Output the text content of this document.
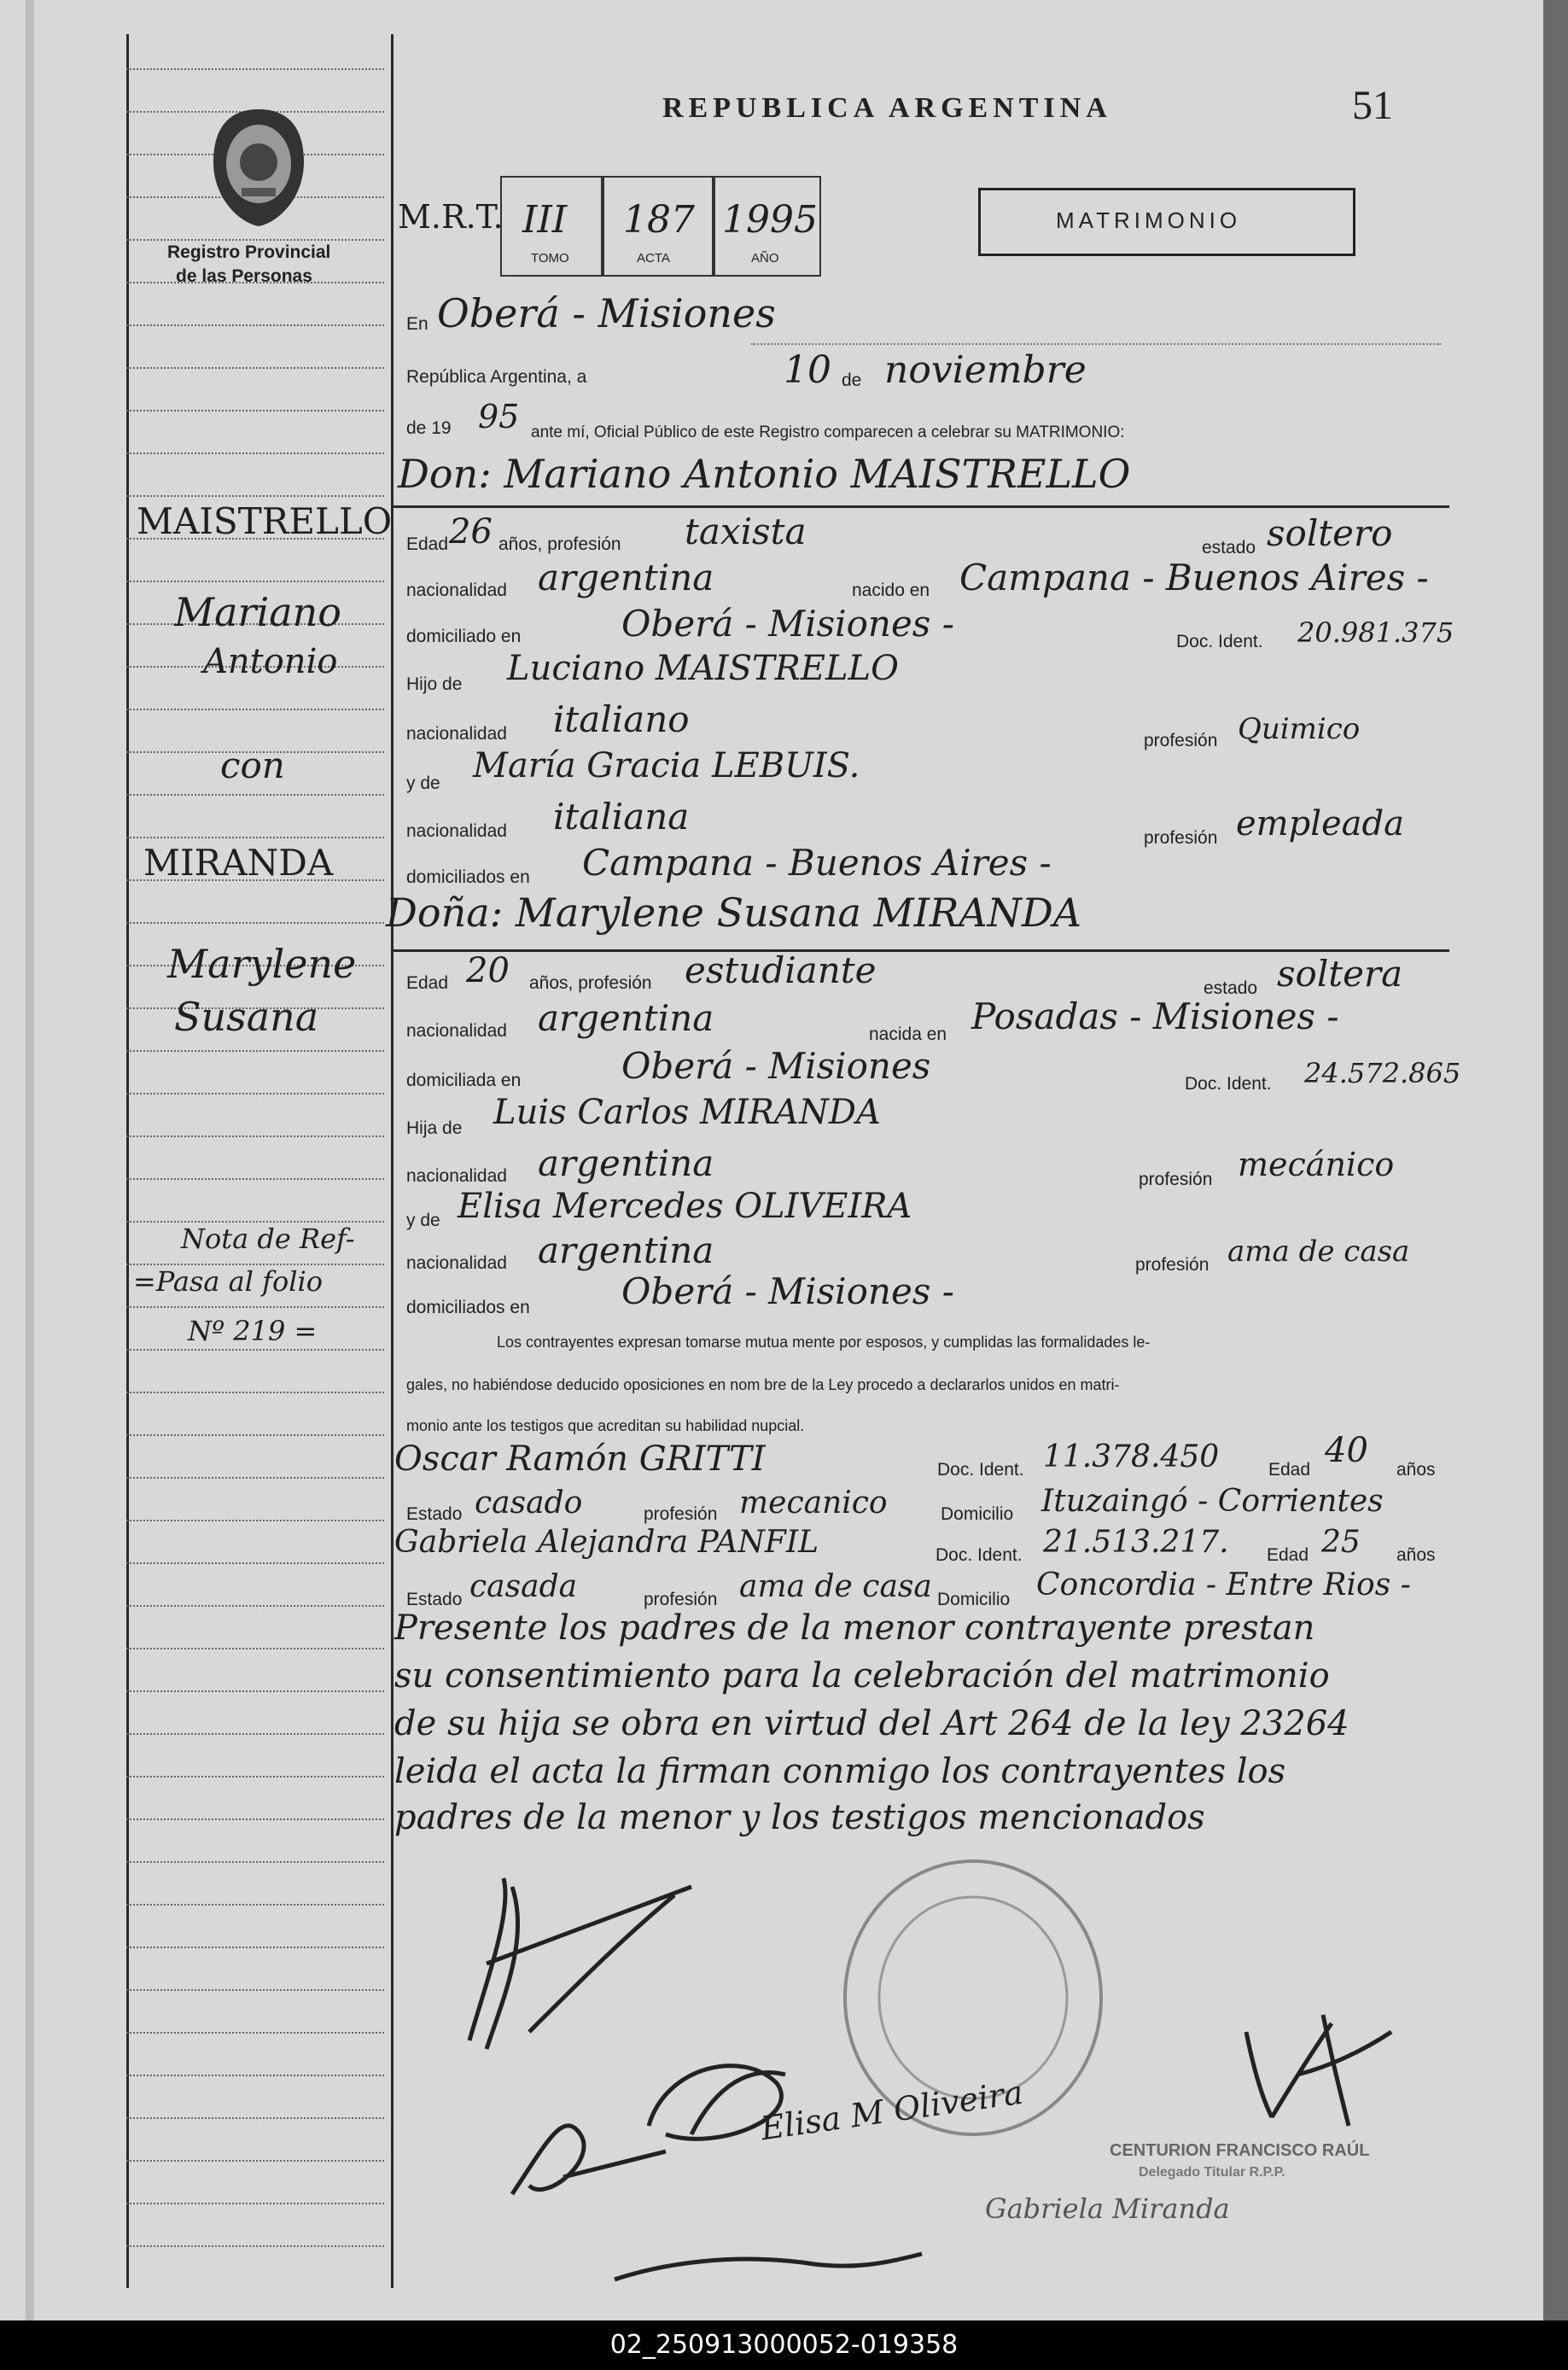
Registro Provincial
de las Personas
REPUBLICA ARGENTINA	51
M.R.T. III
TOMO
187
ACTA
1995
AÑO
MATRIMONIO
En Oberá - Misiones
República Argentina, a	10 de noviembre
de 19 95 ante mí, Oficial Público de este Registro comparecen a celebrar su MATRIMONIO:
Don: Mariano Antonio MAISTRELLO
Edad 26 años, profesión taxista	estado soltero
nacionalidad argentina	nacido en Campana - Buenos Aires -
domiciliado en	Oberá - Misiones -	Doc. Ident. 20.981.375
Hijo de Luciano MAISTRELLO
nacionalidad italiano
profesión Quimico
y de María Gracia LEBUIS.
nacionalidad italiana
profesión empleada
domiciliados en Campana - Buenos Aires -
Doña: Marylene Susana MIRANDA
Edad 20 años, profesión estudiante	estado soltera
nacionalidad argentina	nacida en Posadas - Misiones -
domiciliada en	Oberá - Misiones	Doc. Ident. 24.572.865
Hija de Luis Carlos MIRANDA
nacionalidad argentina	profesión mecánico
y de Elisa Mercedes OLIVEIRA
nacionalidad argentina	profesión ama de casa
domiciliados en	Oberá - Misiones -
Los contrayentes expresan tomarse mutua mente por esposos, y cumplidas las formalidades le-
gales, no habiéndose deducido oposiciones en nom bre de la Ley procedo a declararlos unidos en matri-
monio ante los testigos que acreditan su habilidad nupcial.
Oscar Ramón GRITTI	Doc. Ident. 11.378.450	Edad 40 años
Estado casado	profesión mecanico	Domicilio Ituzaingó - Corrientes
Gabriela Alejandra PANFIL	Doc. Ident. 21.513.217. Edad 25 años
Estado casada	profesión ama de casa Domicilio Concordia - Entre Rios -
Presente los padres de la menor contrayente prestan
su consentimiento para la celebración del matrimonio
de su hija se obra en virtud del Art 264 de la ley 23264
leida el acta la firman conmigo los contrayentes los
padres de la menor y los testigos mencionados
Elisa M Oliveira
CENTURION FRANCISCO RAÚL
Delegado Titular R.P.P.
Gabriela Miranda
MAISTRELLO
Mariano
Antonio
con
MIRANDA
Marylene
Susana
Nota de Ref-
=Pasa al folio
Nº 219 =
02_250913000052-019358
